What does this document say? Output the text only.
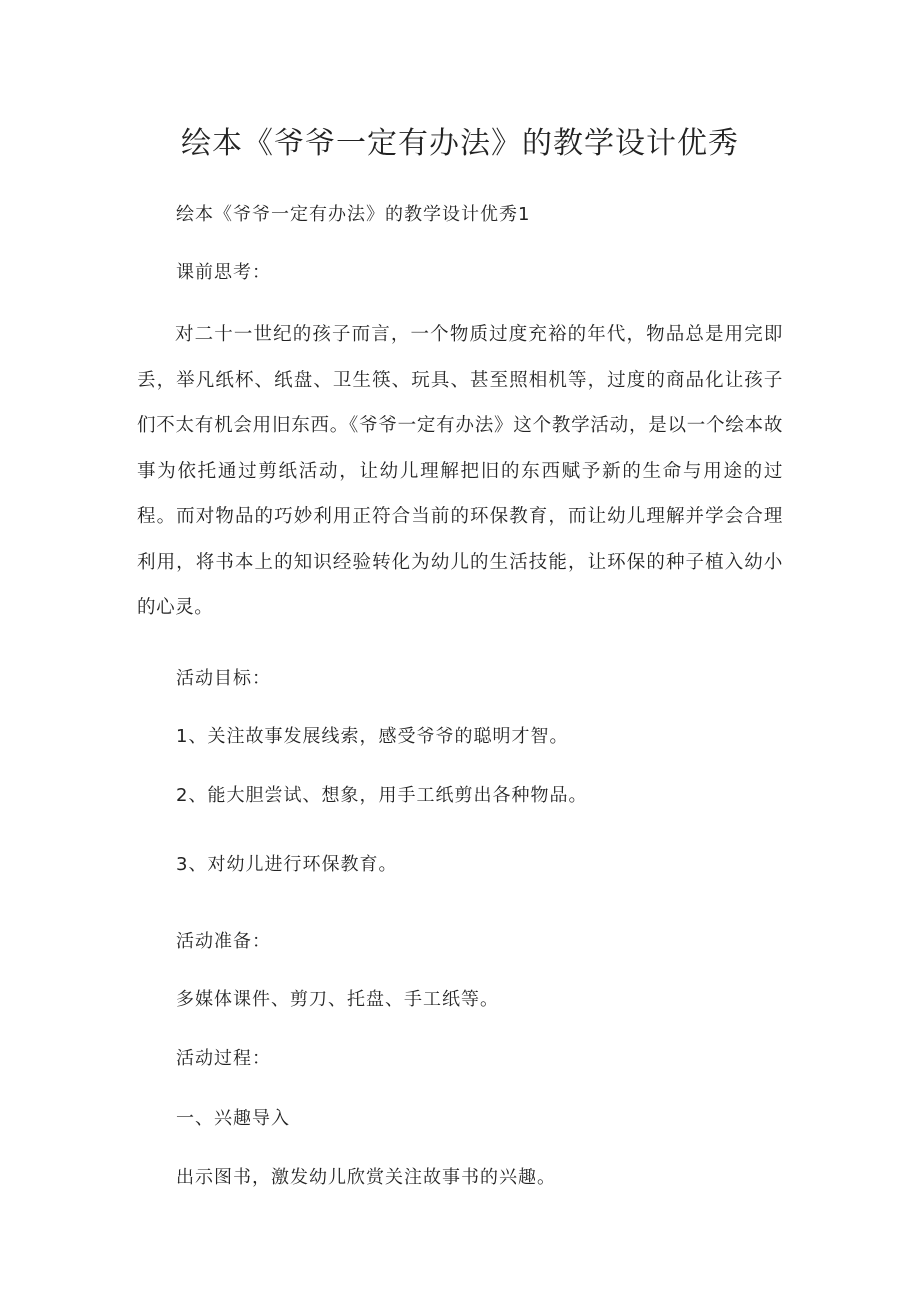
绘本《爷爷一定有办法》的教学设计优秀
绘本《爷爷一定有办法》的教学设计优秀1
课前思考：
对二十一世纪的孩子而言，一个物质过度充裕的年代，物品总是用完即丢，举凡纸杯、纸盘、卫生筷、玩具、甚至照相机等，过度的商品化让孩子们不太有机会用旧东西。《爷爷一定有办法》这个教学活动，是以一个绘本故事为依托通过剪纸活动，让幼儿理解把旧的东西赋予新的生命与用途的过程。而对物品的巧妙利用正符合当前的环保教育，而让幼儿理解并学会合理利用，将书本上的知识经验转化为幼儿的生活技能，让环保的种子植入幼小的心灵。
活动目标：
1、关注故事发展线索，感受爷爷的聪明才智。
2、能大胆尝试、想象，用手工纸剪出各种物品。
3、对幼儿进行环保教育。
活动准备：
多媒体课件、剪刀、托盘、手工纸等。
活动过程：
一、兴趣导入
出示图书，激发幼儿欣赏关注故事书的兴趣。
